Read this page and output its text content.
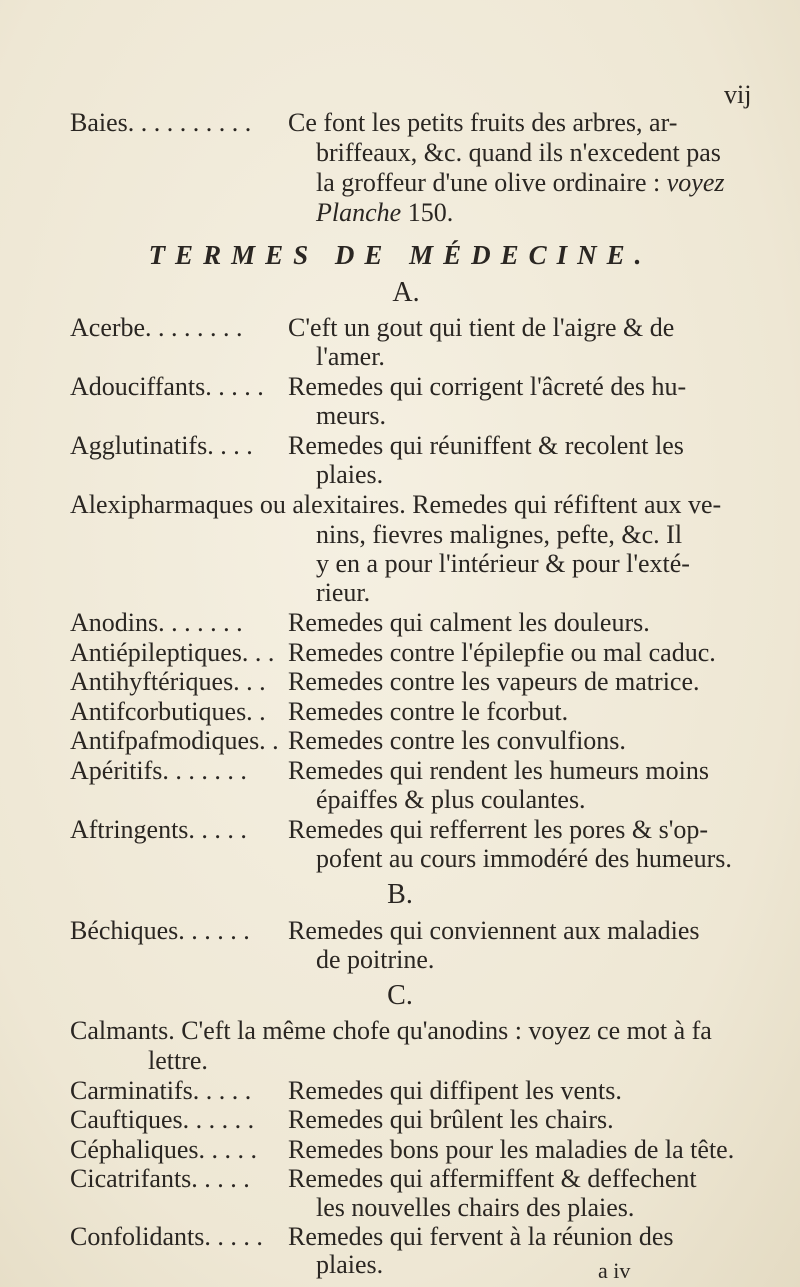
vij
Baies. . . . . . . . . . Ce font les petits fruits des arbres, ar-
briffeaux, &c. quand ils n'excedent pas
la groffeur d'une olive ordinaire : voyez
Planche 150.
TERMES DE MÉDECINE.
A.
Acerbe. . . . . . . . C'eft un gout qui tient de l'aigre & de
l'amer.
Adouciffants. . . . . Remedes qui corrigent l'âcreté des hu-
meurs.
Agglutinatifs. . . . Remedes qui réuniffent & recolent les
plaies.
Alexipharmaques ou alexitaires. Remedes qui réfiftent aux ve-
nins, fievres malignes, pefte, &c. Il
y en a pour l'intérieur & pour l'exté-
rieur.
Anodins. . . . . . . Remedes qui calment les douleurs.
Antiépileptiques. . . Remedes contre l'épilepfie ou mal caduc.
Antihyftériques. . . Remedes contre les vapeurs de matrice.
Antifcorbutiques. . Remedes contre le fcorbut.
Antifpafmodiques. . Remedes contre les convulfions.
Apéritifs. . . . . . . Remedes qui rendent les humeurs moins
épaiffes & plus coulantes.
Aftringents. . . . . Remedes qui refferrent les pores & s'op-
pofent au cours immodéré des humeurs.
B.
Béchiques. . . . . . Remedes qui conviennent aux maladies
de poitrine.
C.
Calmants. C'eft la même chofe qu'anodins : voyez ce mot à fa
lettre.
Carminatifs. . . . . Remedes qui diffipent les vents.
Cauftiques. . . . . . Remedes qui brûlent les chairs.
Céphaliques. . . . . Remedes bons pour les maladies de la tête.
Cicatrifants. . . . . Remedes qui affermiffent & deffechent
les nouvelles chairs des plaies.
Confolidants. . . . . Remedes qui fervent à la réunion des
plaies.	a iv
